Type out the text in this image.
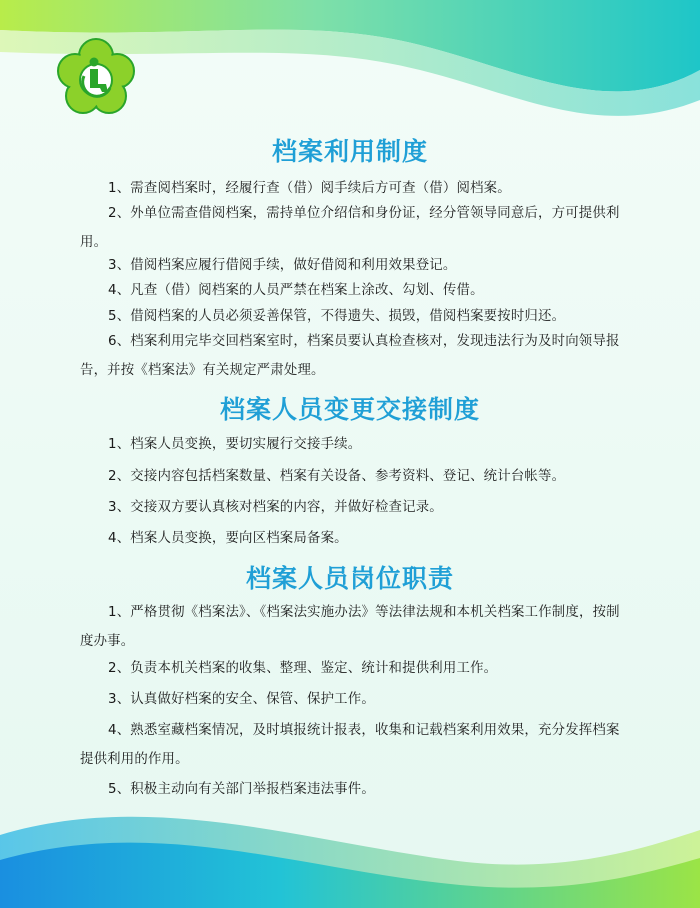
档案利用制度

1、需查阅档案时，经履行查（借）阅手续后方可查（借）阅档案。

2、外单位需查借阅档案，需持单位介绍信和身份证，经分管领导同意后，方可提供利用。

3、借阅档案应履行借阅手续，做好借阅和利用效果登记。

4、凡查（借）阅档案的人员严禁在档案上涂改、勾划、传借。

5、借阅档案的人员必须妥善保管，不得遗失、损毁，借阅档案要按时归还。

6、档案利用完毕交回档案室时，档案员要认真检查核对，发现违法行为及时向领导报告，并按《档案法》有关规定严肃处理。

档案人员变更交接制度

1、档案人员变换，要切实履行交接手续。

2、交接内容包括档案数量、档案有关设备、参考资料、登记、统计台帐等。

3、交接双方要认真核对档案的内容，并做好检查记录。

4、档案人员变换，要向区档案局备案。

档案人员岗位职责

1、严格贯彻《档案法》、《档案法实施办法》等法律法规和本机关档案工作制度，按制度办事。

2、负责本机关档案的收集、整理、鉴定、统计和提供利用工作。

3、认真做好档案的安全、保管、保护工作。

4、熟悉室藏档案情况，及时填报统计报表，收集和记载档案利用效果，充分发挥档案提供利用的作用。

5、积极主动向有关部门举报档案违法事件。
